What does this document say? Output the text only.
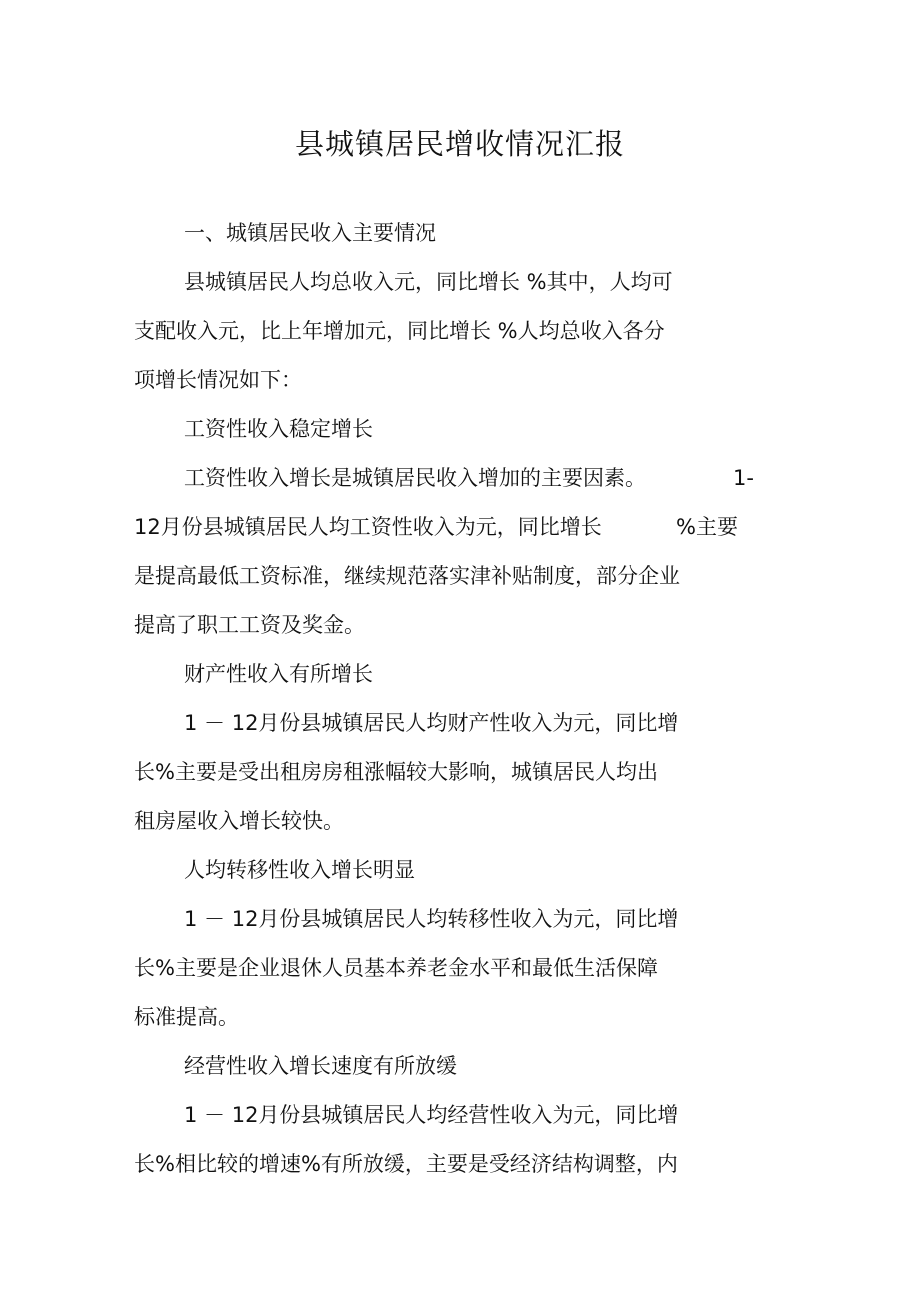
县城镇居民增收情况汇报

一、城镇居民收入主要情况

县城镇居民人均总收入元，同比增长 %其中，人均可

支配收入元，比上年增加元，同比增长 %人均总收入各分

项增长情况如下：

工资性收入稳定增长

工资性收入增长是城镇居民收入增加的主要因素。	1-

12月份县城镇居民人均工资性收入为元，同比增长	%主要

是提高最低工资标准，继续规范落实津补贴制度，部分企业

提高了职工工资及奖金。

财产性收入有所增长

1 － 12月份县城镇居民人均财产性收入为元，同比增

长%主要是受出租房房租涨幅较大影响，城镇居民人均出

租房屋收入增长较快。

人均转移性收入增长明显

1 － 12月份县城镇居民人均转移性收入为元，同比增

长%主要是企业退休人员基本养老金水平和最低生活保障

标准提高。

经营性收入增长速度有所放缓

1 － 12月份县城镇居民人均经营性收入为元，同比增

长%相比较的增速%有所放缓，主要是受经济结构调整，内
